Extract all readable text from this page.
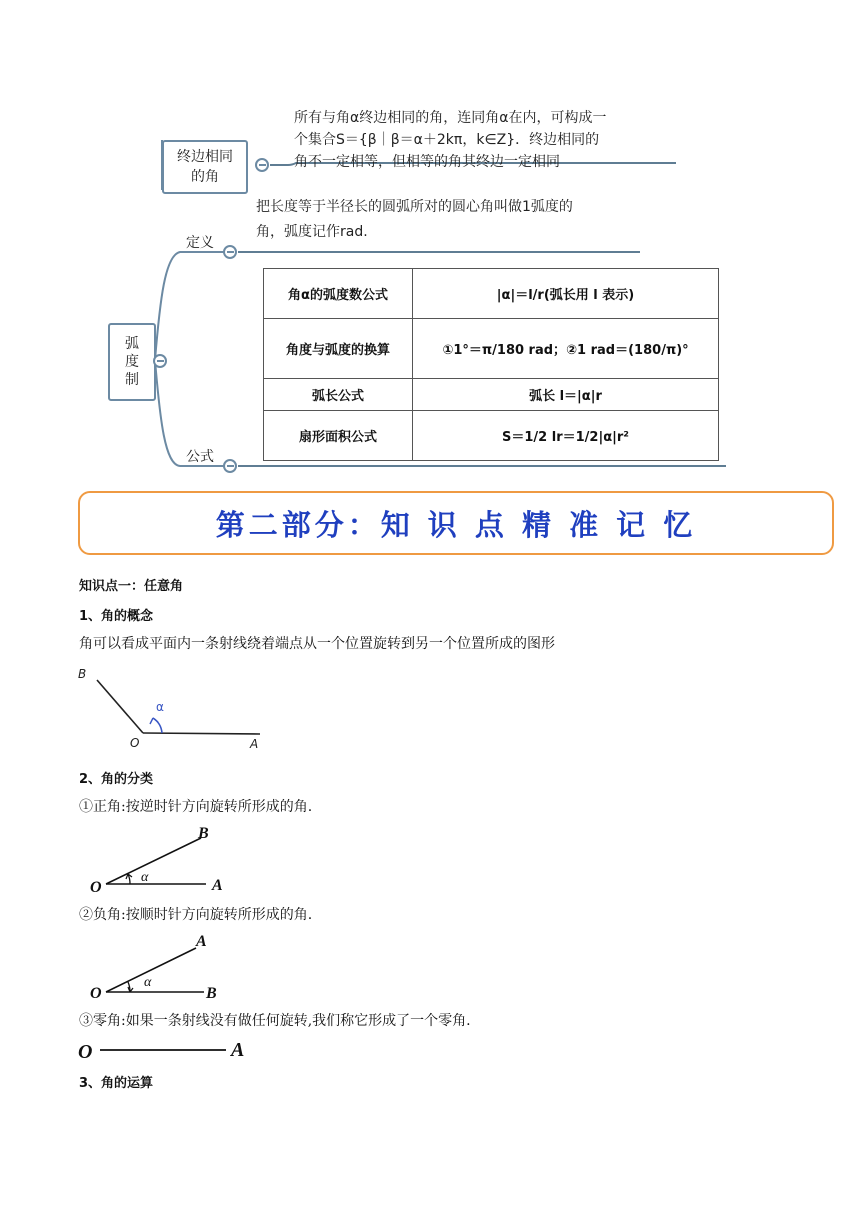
终边相同的角
所有与角α终边相同的角，连同角α在内，可构成一
个集合S＝{β｜β＝α＋2kπ，k∈Z}．终边相同的
角不一定相等，但相等的角其终边一定相同
弧度制
定义
把长度等于半径长的圆弧所对的圆心角叫做1弧度的
角，弧度记作rad.
公式
角α的弧度数公式	|α|＝l/r(弧长用 l 表示)
角度与弧度的换算	①1°＝π/180 rad；②1 rad＝(180/π)°
弧长公式	弧长 l＝|α|r
扇形面积公式	S＝1/2 lr＝1/2|α|r²
第二部分：知 识 点 精 准 记 忆
知识点一：任意角
1、角的概念
角可以看成平面内一条射线绕着端点从一个位置旋转到另一个位置所成的图形
B
O	A
α
2、角的分类
①正角:按逆时针方向旋转所形成的角.
O	A
B
α
②负角:按顺时针方向旋转所形成的角.
O
A
B
α
③零角:如果一条射线没有做任何旋转,我们称它形成了一个零角.
O	A
3、角的运算
